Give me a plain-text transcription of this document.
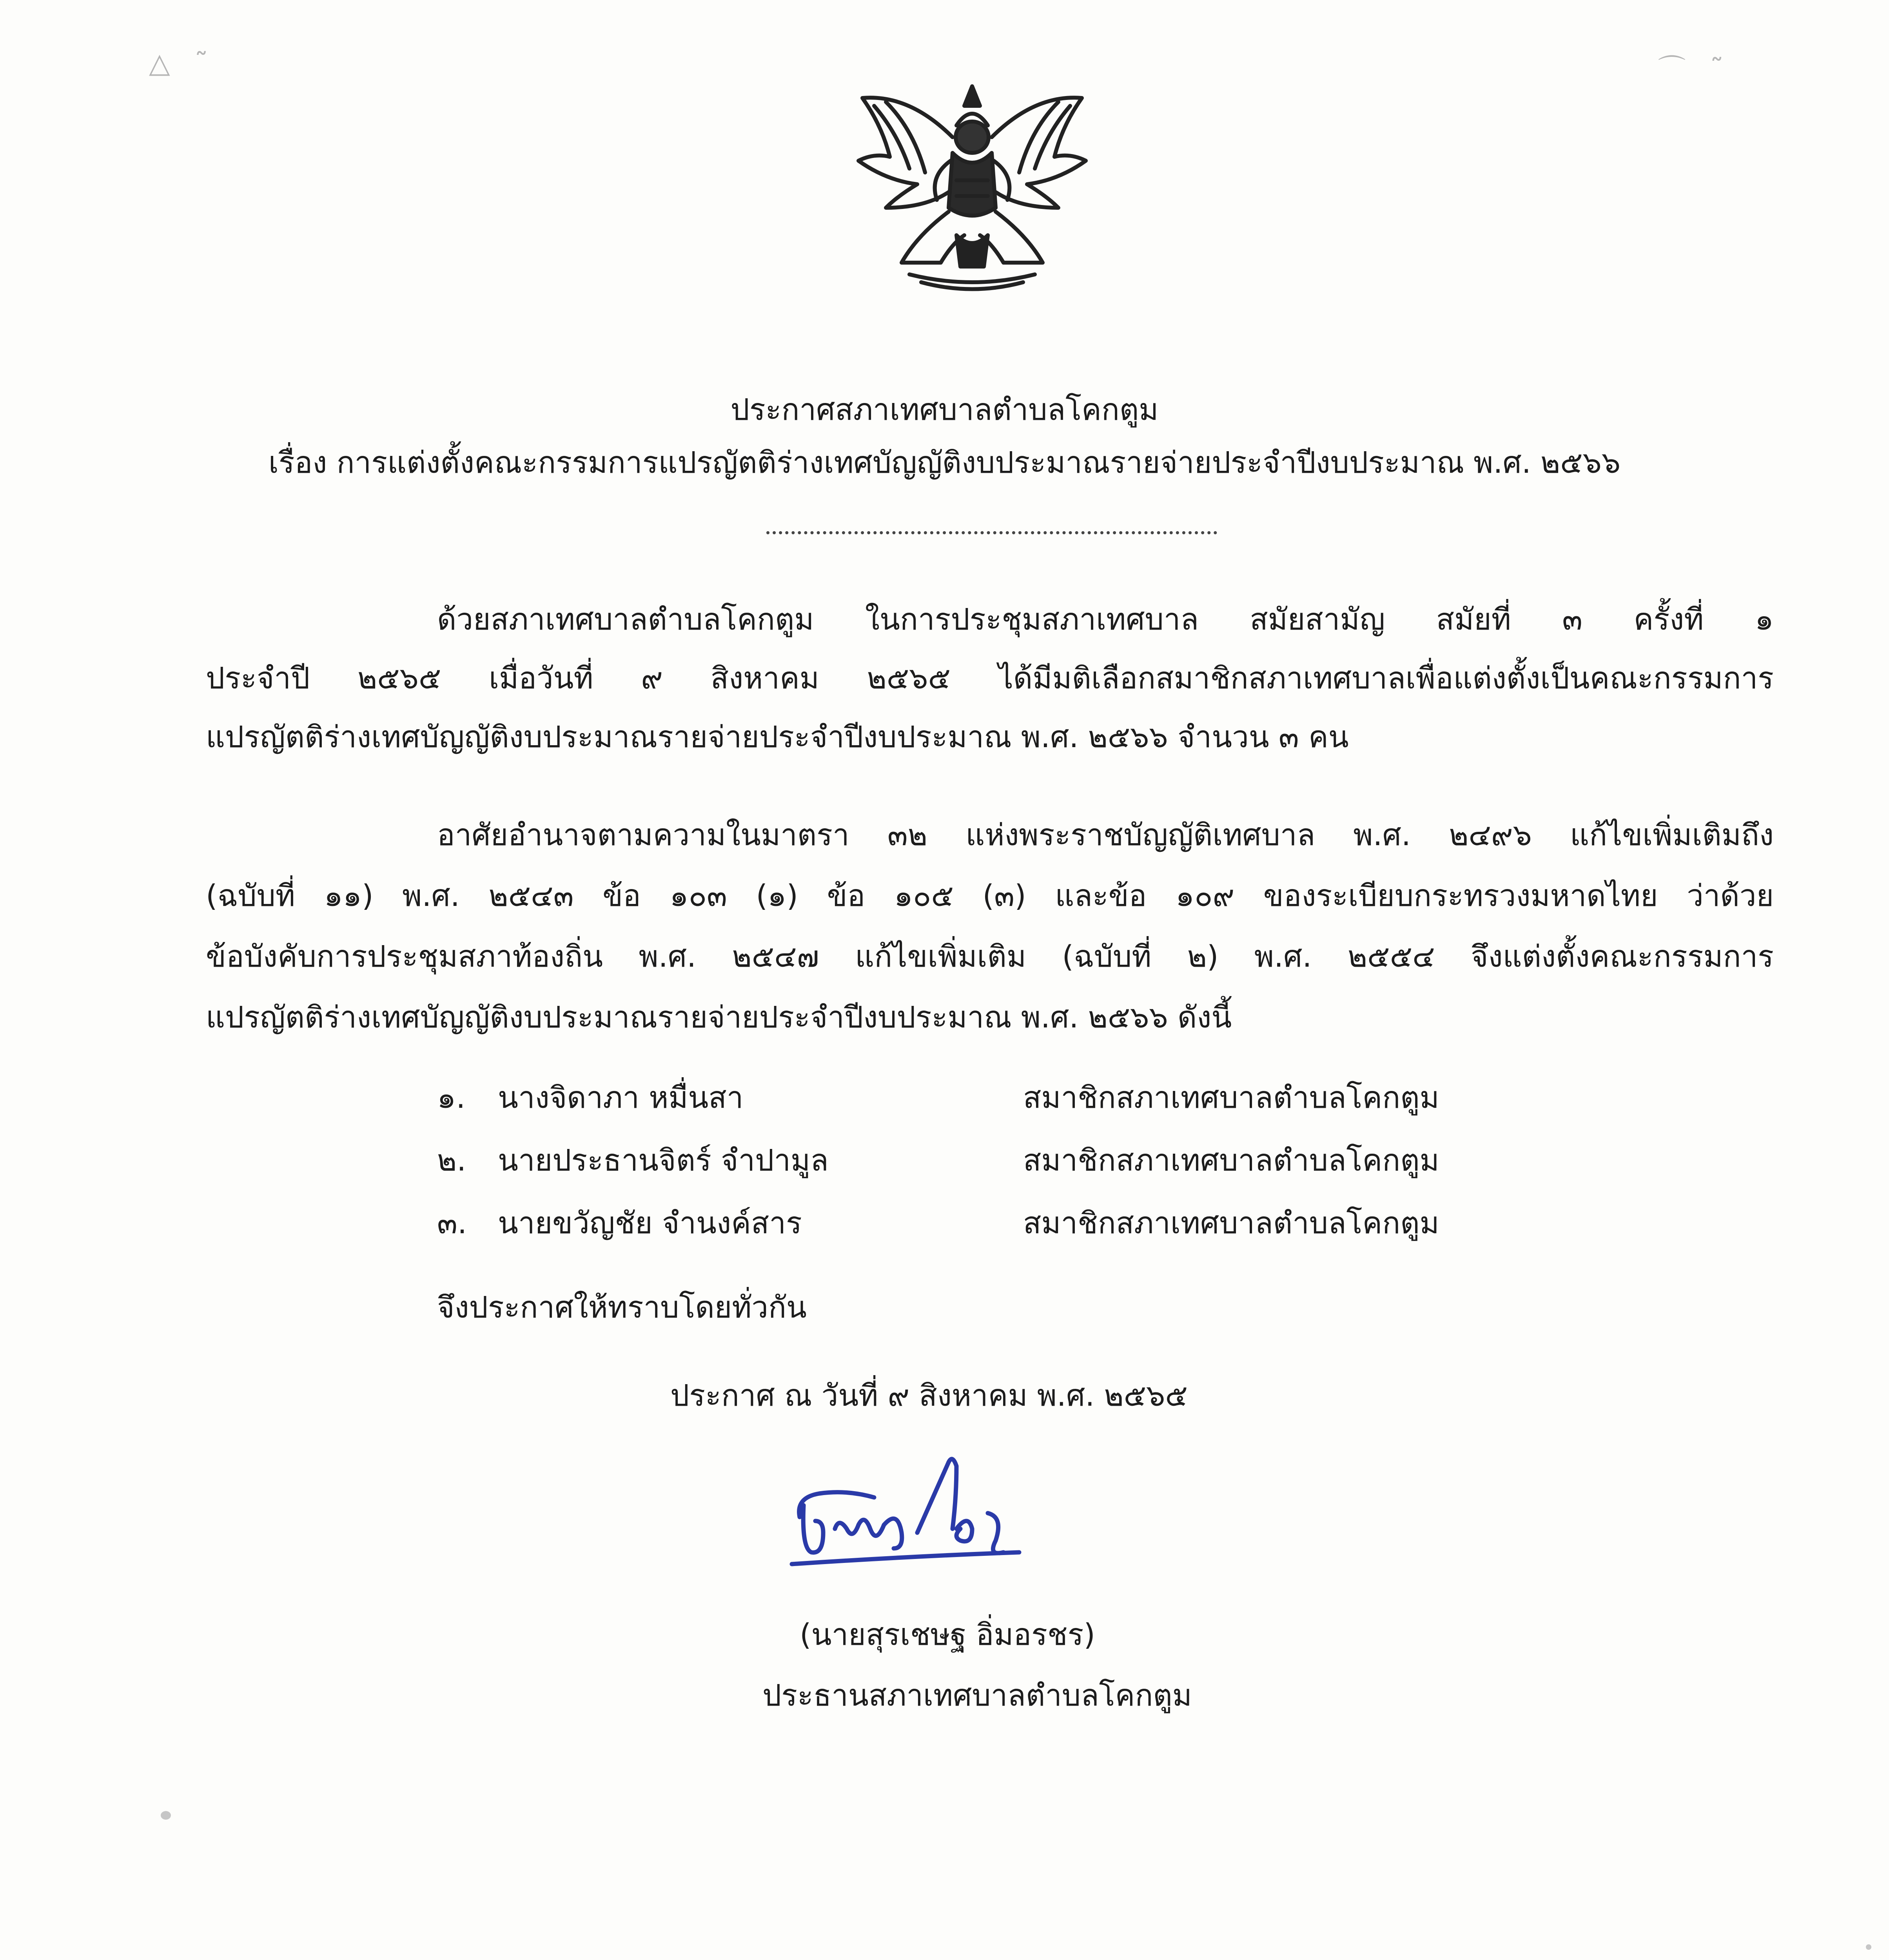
△ ˜	⌒ ˜
ประกาศสภาเทศบาลตำบลโคกตูม
เรื่อง การแต่งตั้งคณะกรรมการแปรญัตติร่างเทศบัญญัติงบประมาณรายจ่ายประจำปีงบประมาณ พ.ศ. ๒๕๖๖
ด้วยสภาเทศบาลตำบลโคกตูม ในการประชุมสภาเทศบาล สมัยสามัญ สมัยที่ ๓ ครั้งที่ ๑
ประจำปี ๒๕๖๕ เมื่อวันที่ ๙ สิงหาคม ๒๕๖๕ ได้มีมติเลือกสมาชิกสภาเทศบาลเพื่อแต่งตั้งเป็นคณะกรรมการ
แปรญัตติร่างเทศบัญญัติงบประมาณรายจ่ายประจำปีงบประมาณ พ.ศ. ๒๕๖๖ จำนวน ๓ คน
อาศัยอำนาจตามความในมาตรา ๓๒ แห่งพระราชบัญญัติเทศบาล พ.ศ. ๒๔๙๖ แก้ไขเพิ่มเติมถึง
(ฉบับที่ ๑๑) พ.ศ. ๒๕๔๓ ข้อ ๑๐๓ (๑) ข้อ ๑๐๕ (๓) และข้อ ๑๐๙ ของระเบียบกระทรวงมหาดไทย ว่าด้วย
ข้อบังคับการประชุมสภาท้องถิ่น พ.ศ. ๒๕๔๗ แก้ไขเพิ่มเติม (ฉบับที่ ๒) พ.ศ. ๒๕๕๔ จึงแต่งตั้งคณะกรรมการ
แปรญัตติร่างเทศบัญญัติงบประมาณรายจ่ายประจำปีงบประมาณ พ.ศ. ๒๕๖๖ ดังนี้
๑. นางจิดาภา หมื่นสา	สมาชิกสภาเทศบาลตำบลโคกตูม
๒. นายประธานจิตร์ จำปามูล	สมาชิกสภาเทศบาลตำบลโคกตูม
๓. นายขวัญชัย จำนงค์สาร	สมาชิกสภาเทศบาลตำบลโคกตูม
จึงประกาศให้ทราบโดยทั่วกัน
ประกาศ ณ วันที่ ๙ สิงหาคม พ.ศ. ๒๕๖๕
(นายสุรเชษฐ อิ่มอรชร)
ประธานสภาเทศบาลตำบลโคกตูม
